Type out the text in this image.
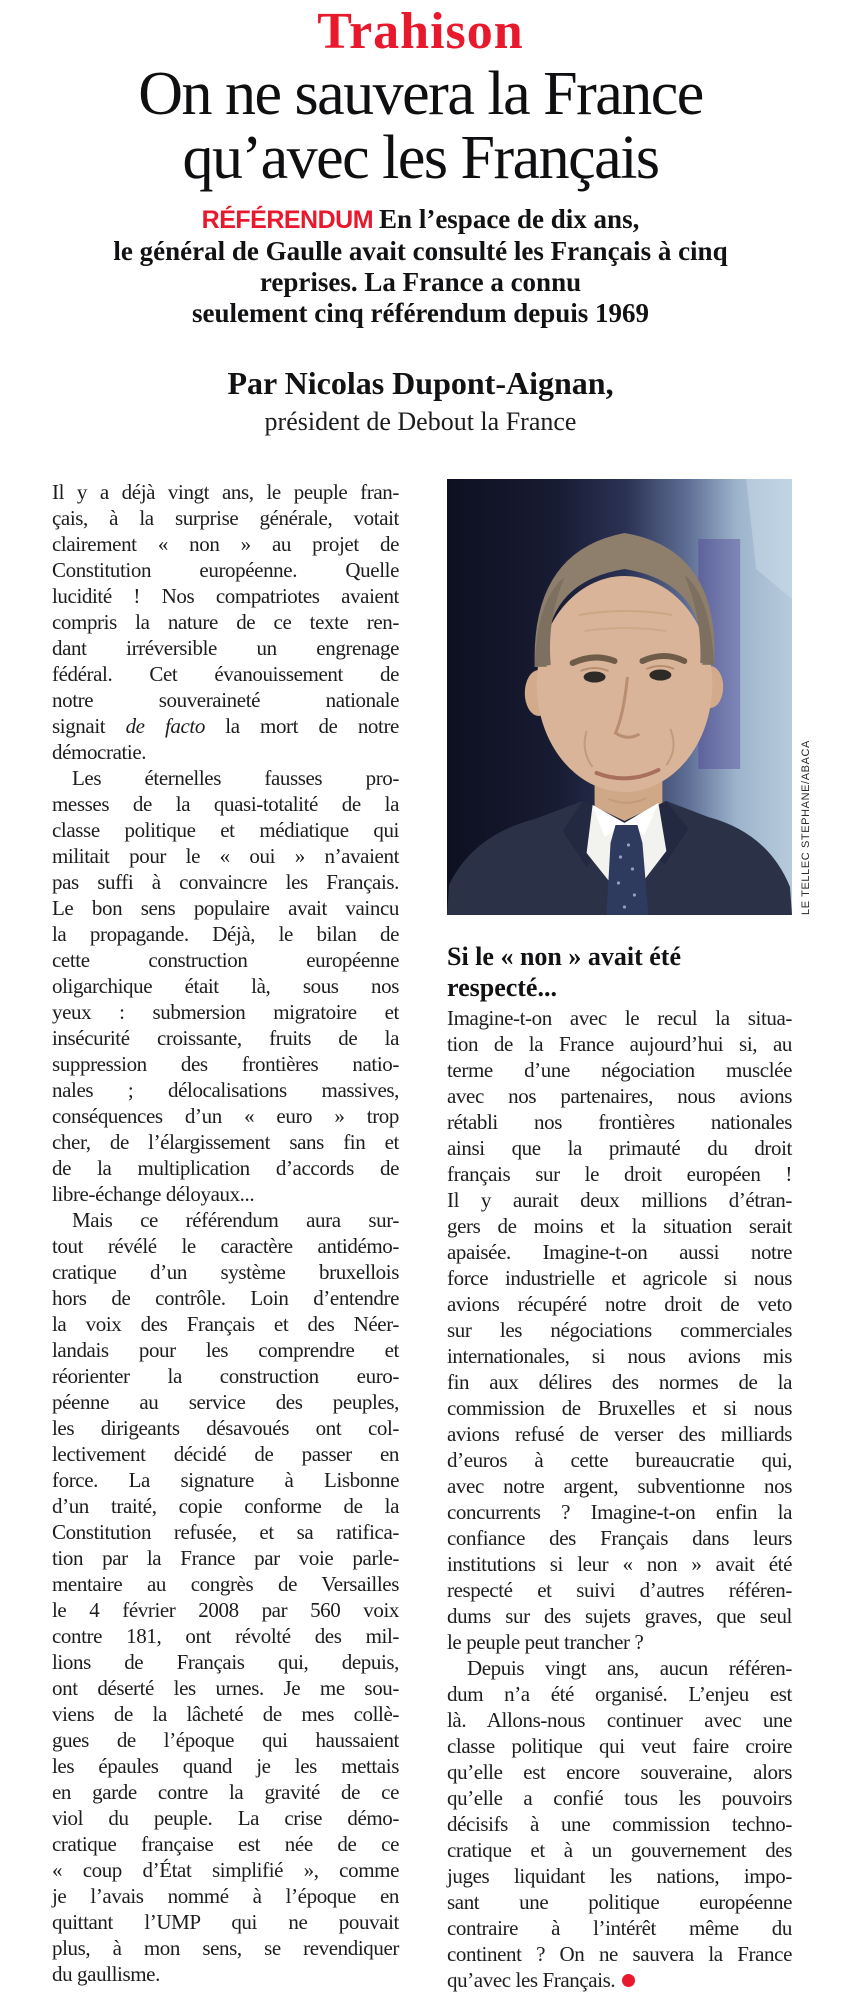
Trahison
On ne sauvera la France
qu’avec les Français
RÉFÉRENDUM En l’espace de dix ans,
le général de Gaulle avait consulté les Français à cinq
reprises. La France a connu
seulement cinq référendum depuis 1969
Par Nicolas Dupont-Aignan,
président de Debout la France

Il y a déjà vingt ans, le peuple fran-
çais, à la surprise générale, votait
clairement « non » au projet de
Constitution européenne. Quelle
lucidité ! Nos compatriotes avaient
compris la nature de ce texte ren-
dant irréversible un engrenage
fédéral. Cet évanouissement de
notre souveraineté nationale
signait de facto la mort de notre
démocratie.

Les éternelles fausses pro-
messes de la quasi-totalité de la
classe politique et médiatique qui
militait pour le « oui » n’avaient
pas suffi à convaincre les Français.
Le bon sens populaire avait vaincu
la propagande. Déjà, le bilan de
cette construction européenne
oligarchique était là, sous nos
yeux : submersion migratoire et
insécurité croissante, fruits de la
suppression des frontières natio-
nales ; délocalisations massives,
conséquences d’un « euro » trop
cher, de l’élargissement sans fin et
de la multiplication d’accords de
libre-échange déloyaux...

Mais ce référendum aura sur-
tout révélé le caractère antidémo-
cratique d’un système bruxellois
hors de contrôle. Loin d’entendre
la voix des Français et des Néer-
landais pour les comprendre et
réorienter la construction euro-
péenne au service des peuples,
les dirigeants désavoués ont col-
lectivement décidé de passer en
force. La signature à Lisbonne
d’un traité, copie conforme de la
Constitution refusée, et sa ratifica-
tion par la France par voie parle-
mentaire au congrès de Versailles
le 4 février 2008 par 560 voix
contre 181, ont révolté des mil-
lions de Français qui, depuis,
ont déserté les urnes. Je me sou-
viens de la lâcheté de mes collè-
gues de l’époque qui haussaient
les épaules quand je les mettais
en garde contre la gravité de ce
viol du peuple. La crise démo-
cratique française est née de ce
« coup d’État simplifié », comme
je l’avais nommé à l’époque en
quittant l’UMP qui ne pouvait
plus, à mon sens, se revendiquer
du gaullisme.

LE TELLEC STEPHANE/ABACA
Si le « non » avait été
respecté...

Imagine-t-on avec le recul la situa-
tion de la France aujourd’hui si, au
terme d’une négociation musclée
avec nos partenaires, nous avions
rétabli nos frontières nationales
ainsi que la primauté du droit
français sur le droit européen !
Il y aurait deux millions d’étran-
gers de moins et la situation serait
apaisée. Imagine-t-on aussi notre
force industrielle et agricole si nous
avions récupéré notre droit de veto
sur les négociations commerciales
internationales, si nous avions mis
fin aux délires des normes de la
commission de Bruxelles et si nous
avions refusé de verser des milliards
d’euros à cette bureaucratie qui,
avec notre argent, subventionne nos
concurrents ? Imagine-t-on enfin la
confiance des Français dans leurs
institutions si leur « non » avait été
respecté et suivi d’autres référen-
dums sur des sujets graves, que seul
le peuple peut trancher ?

Depuis vingt ans, aucun référen-
dum n’a été organisé. L’enjeu est
là. Allons-nous continuer avec une
classe politique qui veut faire croire
qu’elle est encore souveraine, alors
qu’elle a confié tous les pouvoirs
décisifs à une commission techno-
cratique et à un gouvernement des
juges liquidant les nations, impo-
sant une politique européenne
contraire à l’intérêt même du
continent ? On ne sauvera la France
qu’avec les Français.
